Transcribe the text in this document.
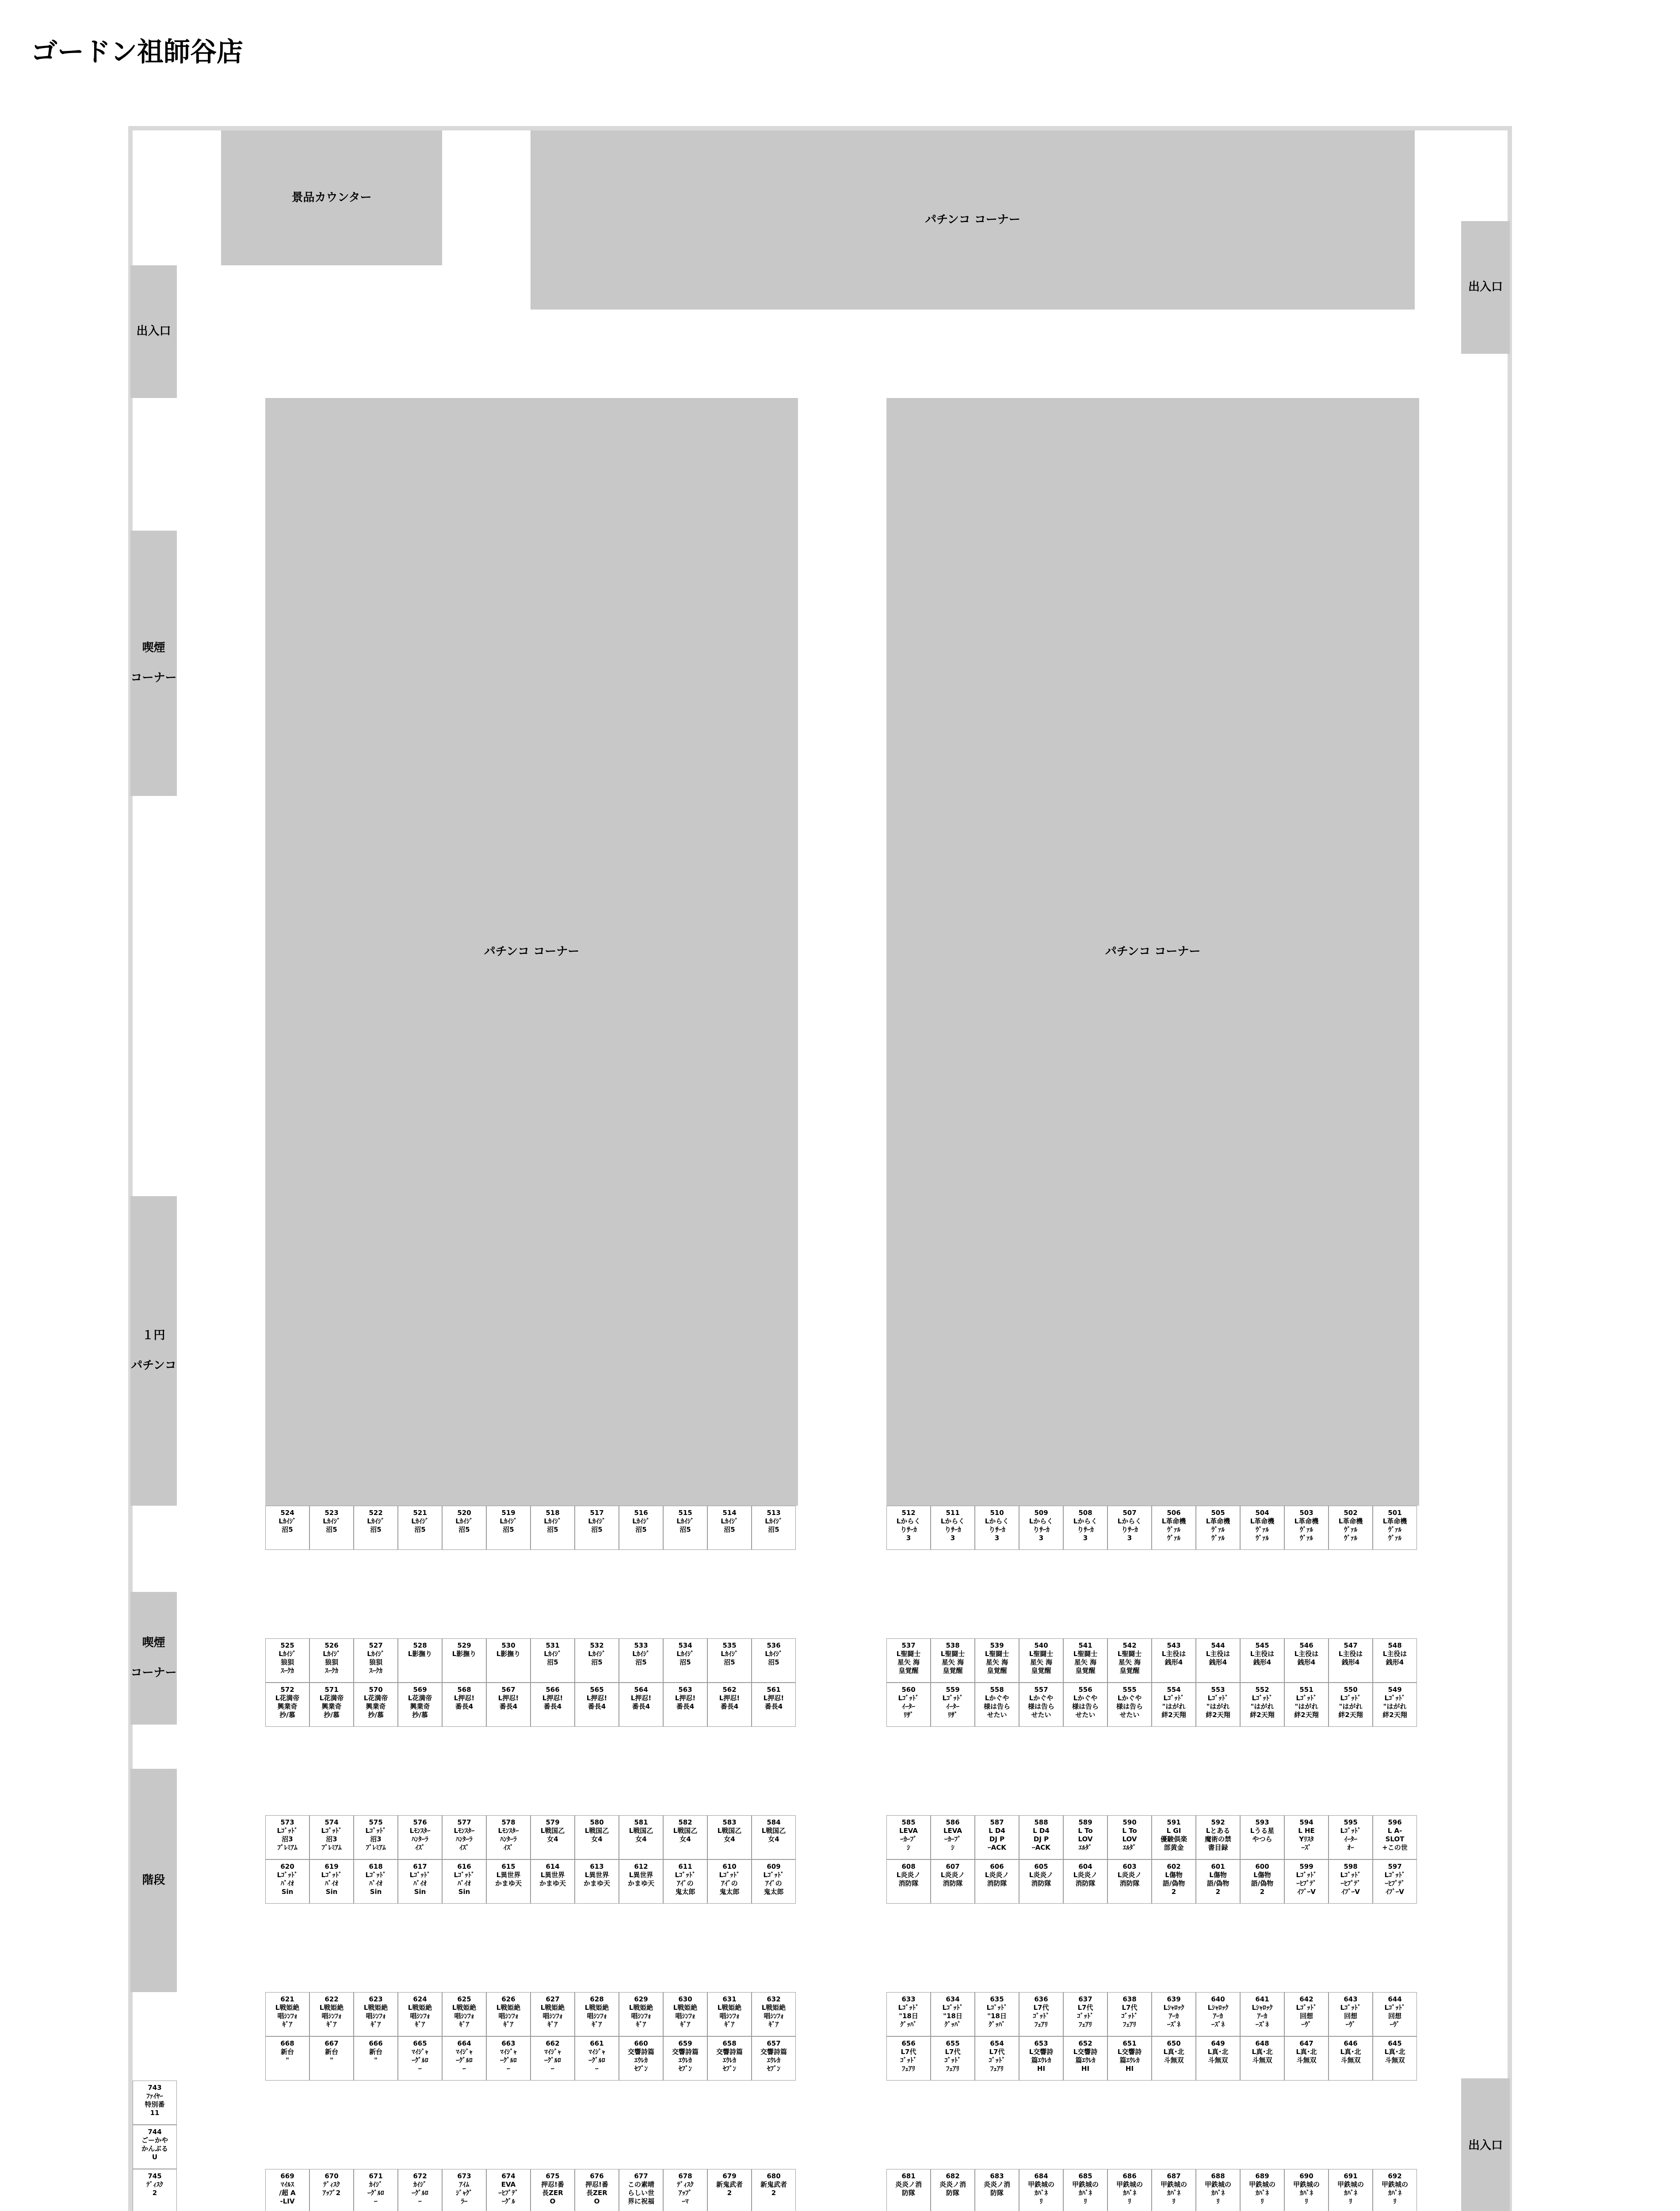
ゴードン祖師谷店
景品カウンター
パチンコ コーナー
出入口
出入口
喫煙

コーナー
パチンコ コーナー	パチンコ コーナー
１円

パチンコ
喫煙

コーナー
階段
出入口
524
Lｶｲｼﾞ
沼5
523
Lｶｲｼﾞ
沼5
522
Lｶｲｼﾞ
沼5
521
Lｶｲｼﾞ
沼5
520
Lｶｲｼﾞ
沼5
519
Lｶｲｼﾞ
沼5
518
Lｶｲｼﾞ
沼5
517
Lｶｲｼﾞ
沼5
516
Lｶｲｼﾞ
沼5
515
Lｶｲｼﾞ
沼5
514
Lｶｲｼﾞ
沼5
513
Lｶｲｼﾞ
沼5
512
Lからく
りｻｰｶ
3
511
Lからく
りｻｰｶ
3
510
Lからく
りｻｰｶ
3
509
Lからく
りｻｰｶ
3
508
Lからく
りｻｰｶ
3
507
Lからく
りｻｰｶ
3
506
L革命機
ｳﾞｧﾙ
ｳﾞｧﾙ
505
L革命機
ｳﾞｧﾙ
ｳﾞｧﾙ
504
L革命機
ｳﾞｧﾙ
ｳﾞｧﾙ
503
L革命機
ｳﾞｧﾙ
ｳﾞｧﾙ
502
L革命機
ｳﾞｧﾙ
ｳﾞｧﾙ
501
L革命機
ｳﾞｧﾙ
ｳﾞｧﾙ
525
Lｶｲｼﾞ
狼狽
ｽｰｸｶ
526
Lｶｲｼﾞ
狼狽
ｽｰｸｶ
527
Lｶｲｼﾞ
狼狽
ｽｰｸｶ
528
L影撫り
529
L影撫り
530
L影撫り
531
Lｶｲｼﾞ
沼5
532
Lｶｲｼﾞ
沼5
533
Lｶｲｼﾞ
沼5
534
Lｶｲｼﾞ
沼5
535
Lｶｲｼﾞ
沼5
536
Lｶｲｼﾞ
沼5
572
L花満帝
興業奇
抄/慕
571
L花満帝
興業奇
抄/慕
570
L花満帝
興業奇
抄/慕
569
L花満帝
興業奇
抄/慕
568
L押忍!
番長4
567
L押忍!
番長4
566
L押忍!
番長4
565
L押忍!
番長4
564
L押忍!
番長4
563
L押忍!
番長4
562
L押忍!
番長4
561
L押忍!
番長4
537
L聖闘士
星矢 海
皇覚醒
538
L聖闘士
星矢 海
皇覚醒
539
L聖闘士
星矢 海
皇覚醒
540
L聖闘士
星矢 海
皇覚醒
541
L聖闘士
星矢 海
皇覚醒
542
L聖闘士
星矢 海
皇覚醒
543
L主役は
銭形4
544
L主役は
銭形4
545
L主役は
銭形4
546
L主役は
銭形4
547
L主役は
銭形4
548
L主役は
銭形4
560
Lｺﾞｯﾄﾞ
ｲｰﾀｰ
ﾘｻﾞ
559
Lｺﾞｯﾄﾞ
ｲｰﾀｰ
ﾘｻﾞ
558
Lかぐや
様は告ら
せたい
557
Lかぐや
様は告ら
せたい
556
Lかぐや
様は告ら
せたい
555
Lかぐや
様は告ら
せたい
554
Lｺﾞｯﾄﾞ
"はがれ
絆2天翔
553
Lｺﾞｯﾄﾞ
"はがれ
絆2天翔
552
Lｺﾞｯﾄﾞ
"はがれ
絆2天翔
551
Lｺﾞｯﾄﾞ
"はがれ
絆2天翔
550
Lｺﾞｯﾄﾞ
"はがれ
絆2天翔
549
Lｺﾞｯﾄﾞ
"はがれ
絆2天翔
573
Lｺﾞｯﾄﾞ
沼3
ﾌﾟﾚﾐｱﾑ
574
Lｺﾞｯﾄﾞ
沼3
ﾌﾟﾚﾐｱﾑ
575
Lｺﾞｯﾄﾞ
沼3
ﾌﾟﾚﾐｱﾑ
576
Lﾓﾝｽﾀｰ
ﾊﾝﾀｰﾗ
ｲｽﾞ
577
Lﾓﾝｽﾀｰ
ﾊﾝﾀｰﾗ
ｲｽﾞ
578
Lﾓﾝｽﾀｰ
ﾊﾝﾀｰﾗ
ｲｽﾞ
579
L戦国乙
女4
580
L戦国乙
女4
581
L戦国乙
女4
582
L戦国乙
女4
583
L戦国乙
女4
584
L戦国乙
女4
620
Lｺﾞｯﾄﾞ
ﾊﾞｲｵ
Sin
619
Lｺﾞｯﾄﾞ
ﾊﾞｲｵ
Sin
618
Lｺﾞｯﾄﾞ
ﾊﾞｲｵ
Sin
617
Lｺﾞｯﾄﾞ
ﾊﾞｲｵ
Sin
616
Lｺﾞｯﾄﾞ
ﾊﾞｲｵ
Sin
615
L異世界
かまゆ天
614
L異世界
かまゆ天
613
L異世界
かまゆ天
612
L異世界
かまゆ天
611
Lｺﾞｯﾄﾞ
ｱｲﾞの
鬼太郎
610
Lｺﾞｯﾄﾞ
ｱｲﾞの
鬼太郎
609
Lｺﾞｯﾄﾞ
ｱｲﾞの
鬼太郎
585
LEVA
ｰｶｰﾌﾟ
ｼ
586
LEVA
ｰｶｰﾌﾟ
ｼ
587
L D4
DJ P
ｰACK
588
L D4
DJ P
ｰACK
589
L To
LOV
ｴﾙﾀﾞ
590
L To
LOV
ｴﾙﾀﾞ
591
L GI
優駿俱楽
部黄金
592
Lとある
魔術の禁
書目録
593
Lうる星
やつら
594
L HE
Yﾘｽﾀ
ｰｽﾞ
595
Lｺﾞｯﾄﾞ
ｲｰﾀｰ
ｵｰ
596
L A-
SLOT
+この世
608
L炎炎ノ
消防隊
607
L炎炎ノ
消防隊
606
L炎炎ノ
消防隊
605
L炎炎ノ
消防隊
604
L炎炎ノ
消防隊
603
L炎炎ノ
消防隊
602
L傷物
語/偽物
2
601
L傷物
語/偽物
2
600
L傷物
語/偽物
2
599
Lｺﾞｯﾄﾞ
ｰﾋﾌﾟﾃﾞ
ｲﾌﾞｰV
598
Lｺﾞｯﾄﾞ
ｰﾋﾌﾟﾃﾞ
ｲﾌﾞｰV
597
Lｺﾞｯﾄﾞ
ｰﾋﾌﾟﾃﾞ
ｲﾌﾞｰV
621
L戦姫絶
唱ｼﾝﾌｫ
ｷﾞｱ
622
L戦姫絶
唱ｼﾝﾌｫ
ｷﾞｱ
623
L戦姫絶
唱ｼﾝﾌｫ
ｷﾞｱ
624
L戦姫絶
唱ｼﾝﾌｫ
ｷﾞｱ
625
L戦姫絶
唱ｼﾝﾌｫ
ｷﾞｱ
626
L戦姫絶
唱ｼﾝﾌｫ
ｷﾞｱ
627
L戦姫絶
唱ｼﾝﾌｫ
ｷﾞｱ
628
L戦姫絶
唱ｼﾝﾌｫ
ｷﾞｱ
629
L戦姫絶
唱ｼﾝﾌｫ
ｷﾞｱ
630
L戦姫絶
唱ｼﾝﾌｫ
ｷﾞｱ
631
L戦姫絶
唱ｼﾝﾌｫ
ｷﾞｱ
632
L戦姫絶
唱ｼﾝﾌｫ
ｷﾞｱ
668
新台
"
667
新台
"
666
新台
"
665
ﾏｲｼﾞｬ
ｰｸﾞﾙﾛ
ｰ
664
ﾏｲｼﾞｬ
ｰｸﾞﾙﾛ
ｰ
663
ﾏｲｼﾞｬ
ｰｸﾞﾙﾛ
ｰ
662
ﾏｲｼﾞｬ
ｰｸﾞﾙﾛ
ｰ
661
ﾏｲｼﾞｬ
ｰｸﾞﾙﾛ
ｰ
660
交響詩篇
ｴｳﾚｶ
ｾﾌﾞﾝ
659
交響詩篇
ｴｳﾚｶ
ｾﾌﾞﾝ
658
交響詩篇
ｴｳﾚｶ
ｾﾌﾞﾝ
657
交響詩篇
ｴｳﾚｶ
ｾﾌﾞﾝ
633
Lｺﾞｯﾄﾞ
"18日
ｸﾞｯﾊﾞ
634
Lｺﾞｯﾄﾞ
"18日
ｸﾞｯﾊﾞ
635
Lｺﾞｯﾄﾞ
"18日
ｸﾞｯﾊﾞ
636
L7代
ｺﾞｯﾄﾞ
ﾌｪｱﾘ
637
L7代
ｺﾞｯﾄﾞ
ﾌｪｱﾘ
638
L7代
ｺﾞｯﾄﾞ
ﾌｪｱﾘ
639
Lｼｬﾛｯｸ
ｱｰｶ
ｰｽﾞﾈ
640
Lｼｬﾛｯｸ
ｱｰｶ
ｰｽﾞﾈ
641
Lｼｬﾛｯｸ
ｱｰｶ
ｰｽﾞﾈ
642
Lｺﾞｯﾄﾞ
回想
ｰｳﾞ
643
Lｺﾞｯﾄﾞ
回想
ｰｳﾞ
644
Lｺﾞｯﾄﾞ
回想
ｰｳﾞ
656
L7代
ｺﾞｯﾄﾞ
ﾌｪｱﾘ
655
L7代
ｺﾞｯﾄﾞ
ﾌｪｱﾘ
654
L7代
ｺﾞｯﾄﾞ
ﾌｪｱﾘ
653
L交響詩
篇ｴｳﾚｶ
HI
652
L交響詩
篇ｴｳﾚｶ
HI
651
L交響詩
篇ｴｳﾚｶ
HI
650
L真･北
斗無双
649
L真･北
斗無双
648
L真･北
斗無双
647
L真･北
斗無双
646
L真･北
斗無双
645
L真･北
斗無双
669
ﾏｲﾙｽ
/超 A
-LIV
670
ﾃﾞｨｽｸ
ｱｯﾌﾟ2
671
ｶｲｼﾞ
ｰｸﾞﾙﾛ
ｰ
672
ｶｲｼﾞ
ｰｸﾞﾙﾛ
ｰ
673
ｱｲﾑ
ｼﾞｬｸﾞ
ﾗｰ
674
EVA
ｰﾋﾌﾟﾃﾞ
ｰｸﾞﾙ
675
押忍!番
長ZER
O
676
押忍!番
長ZER
O
677
この素晴
らしい世
界に祝福
678
ﾃﾞｨｽｸ
ｱｯﾌﾟ
ｰﾏ
679
新鬼武者
2
680
新鬼武者
2
681
炎炎ノ消
防隊
682
炎炎ノ消
防隊
683
炎炎ノ消
防隊
684
甲鉄城の
ｶﾊﾞﾈ
ﾘ
685
甲鉄城の
ｶﾊﾞﾈ
ﾘ
686
甲鉄城の
ｶﾊﾞﾈ
ﾘ
687
甲鉄城の
ｶﾊﾞﾈ
ﾘ
688
甲鉄城の
ｶﾊﾞﾈ
ﾘ
689
甲鉄城の
ｶﾊﾞﾈ
ﾘ
690
甲鉄城の
ｶﾊﾞﾈ
ﾘ
691
甲鉄城の
ｶﾊﾞﾈ
ﾘ
692
甲鉄城の
ｶﾊﾞﾈ
ﾘ
743
ﾌｧｲﾔｰ
特別番
11
744
ごーかや
かんぶる
U
745
ﾃﾞｨｽｸ
2
